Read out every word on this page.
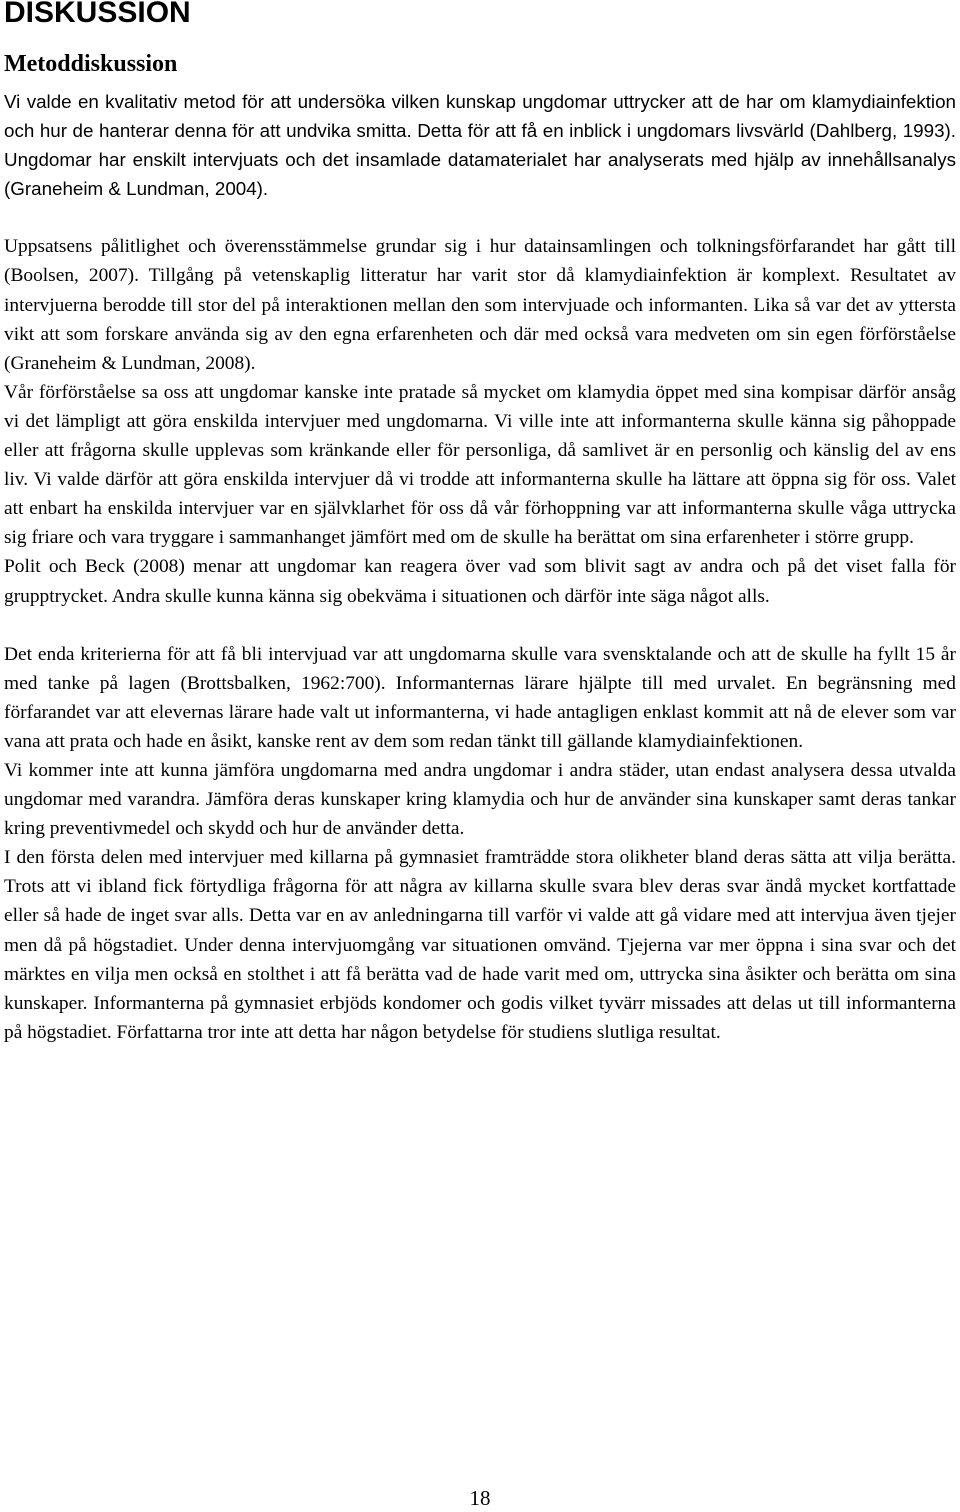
DISKUSSION
Metoddiskussion

Vi valde en kvalitativ metod för att undersöka vilken kunskap ungdomar uttrycker att de har om klamydiainfektion och hur de hanterar denna för att undvika smitta. Detta för att få en inblick i ungdomars livsvärld (Dahlberg, 1993). Ungdomar har enskilt intervjuats och det insamlade datamaterialet har analyserats med hjälp av innehållsanalys (Graneheim & Lundman, 2004).

Uppsatsens pålitlighet och överensstämmelse grundar sig i hur datainsamlingen och tolkningsförfarandet har gått till (Boolsen, 2007). Tillgång på vetenskaplig litteratur har varit stor då klamydiainfektion är komplext. Resultatet av intervjuerna berodde till stor del på interaktionen mellan den som intervjuade och informanten. Lika så var det av yttersta vikt att som forskare använda sig av den egna erfarenheten och där med också vara medveten om sin egen förförståelse (Graneheim & Lundman, 2008).

Vår förförståelse sa oss att ungdomar kanske inte pratade så mycket om klamydia öppet med sina kompisar därför ansåg vi det lämpligt att göra enskilda intervjuer med ungdomarna. Vi ville inte att informanterna skulle känna sig påhoppade eller att frågorna skulle upplevas som kränkande eller för personliga, då samlivet är en personlig och känslig del av ens liv. Vi valde därför att göra enskilda intervjuer då vi trodde att informanterna skulle ha lättare att öppna sig för oss. Valet att enbart ha enskilda intervjuer var en självklarhet för oss då vår förhoppning var att informanterna skulle våga uttrycka sig friare och vara tryggare i sammanhanget jämfört med om de skulle ha berättat om sina erfarenheter i större grupp.

Polit och Beck (2008) menar att ungdomar kan reagera över vad som blivit sagt av andra och på det viset falla för grupptrycket. Andra skulle kunna känna sig obekväma i situationen och därför inte säga något alls.

Det enda kriterierna för att få bli intervjuad var att ungdomarna skulle vara svensktalande och att de skulle ha fyllt 15 år med tanke på lagen (Brottsbalken, 1962:700). Informanternas lärare hjälpte till med urvalet. En begränsning med förfarandet var att elevernas lärare hade valt ut informanterna, vi hade antagligen enklast kommit att nå de elever som var vana att prata och hade en åsikt, kanske rent av dem som redan tänkt till gällande klamydiainfektionen.

Vi kommer inte att kunna jämföra ungdomarna med andra ungdomar i andra städer, utan endast analysera dessa utvalda ungdomar med varandra. Jämföra deras kunskaper kring klamydia och hur de använder sina kunskaper samt deras tankar kring preventivmedel och skydd och hur de använder detta.

I den första delen med intervjuer med killarna på gymnasiet framträdde stora olikheter bland deras sätta att vilja berätta. Trots att vi ibland fick förtydliga frågorna för att några av killarna skulle svara blev deras svar ändå mycket kortfattade eller så hade de inget svar alls. Detta var en av anledningarna till varför vi valde att gå vidare med att intervjua även tjejer men då på högstadiet. Under denna intervjuomgång var situationen omvänd. Tjejerna var mer öppna i sina svar och det märktes en vilja men också en stolthet i att få berätta vad de hade varit med om, uttrycka sina åsikter och berätta om sina kunskaper. Informanterna på gymnasiet erbjöds kondomer och godis vilket tyvärr missades att delas ut till informanterna på högstadiet. Författarna tror inte att detta har någon betydelse för studiens slutliga resultat.

18
